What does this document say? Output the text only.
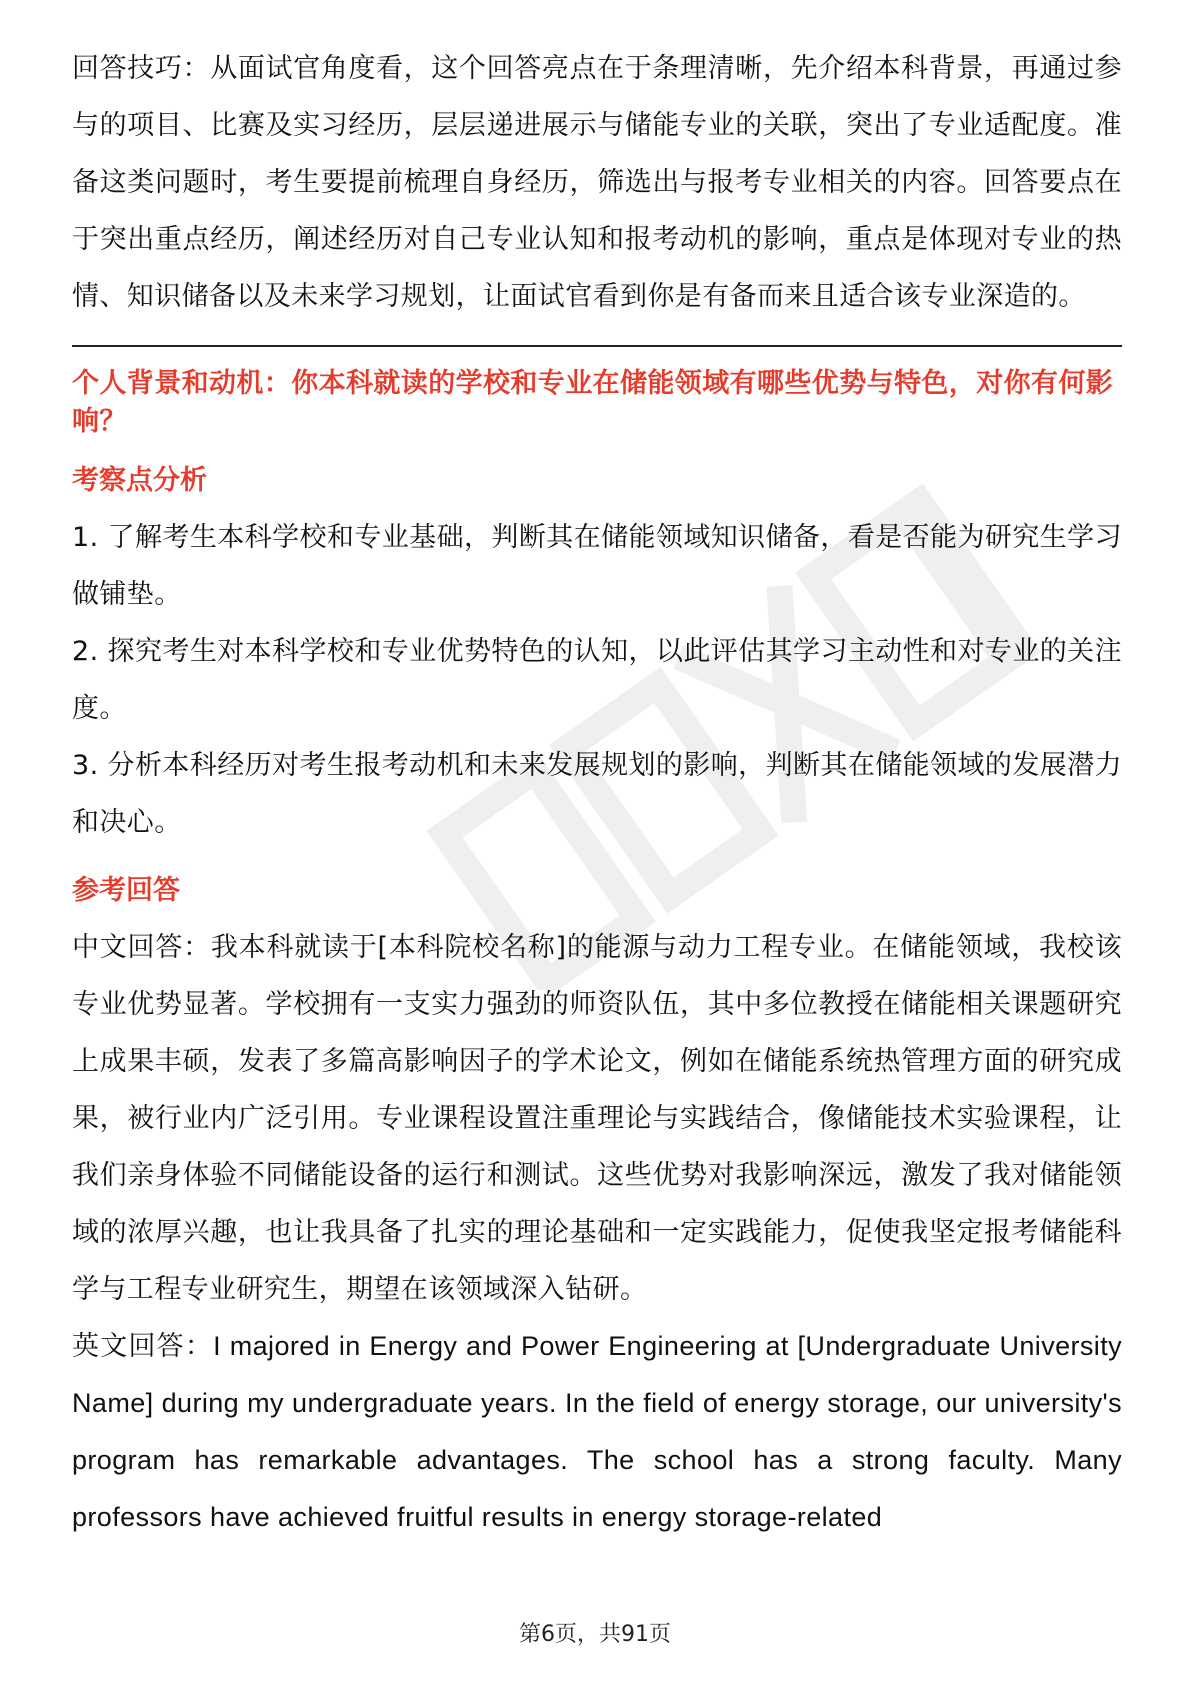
回答技巧：从面试官角度看，这个回答亮点在于条理清晰，先介绍本科背景，再通过参与的项目、比赛及实习经历，层层递进展示与储能专业的关联，突出了专业适配度。准备这类问题时，考生要提前梳理自身经历，筛选出与报考专业相关的内容。回答要点在于突出重点经历，阐述经历对自己专业认知和报考动机的影响，重点是体现对专业的热情、知识储备以及未来学习规划，让面试官看到你是有备而来且适合该专业深造的。

个人背景和动机：你本科就读的学校和专业在储能领域有哪些优势与特色，对你有何影响？

考察点分析

1. 了解考生本科学校和专业基础，判断其在储能领域知识储备，看是否能为研究生学习做铺垫。

2. 探究考生对本科学校和专业优势特色的认知，以此评估其学习主动性和对专业的关注度。

3. 分析本科经历对考生报考动机和未来发展规划的影响，判断其在储能领域的发展潜力和决心。

参考回答

中文回答：我本科就读于[本科院校名称]的能源与动力工程专业。在储能领域，我校该专业优势显著。学校拥有一支实力强劲的师资队伍，其中多位教授在储能相关课题研究上成果丰硕，发表了多篇高影响因子的学术论文，例如在储能系统热管理方面的研究成果，被行业内广泛引用。专业课程设置注重理论与实践结合，像储能技术实验课程，让我们亲身体验不同储能设备的运行和测试。这些优势对我影响深远，激发了我对储能领域的浓厚兴趣，也让我具备了扎实的理论基础和一定实践能力，促使我坚定报考储能科学与工程专业研究生，期望在该领域深入钻研。

英文回答：I majored in Energy and Power Engineering at [Undergraduate University Name] during my undergraduate years. In the field of energy storage, our university's program has remarkable advantages. The school has a strong faculty. Many professors have achieved fruitful results in energy storage-related

第6页，共91页
